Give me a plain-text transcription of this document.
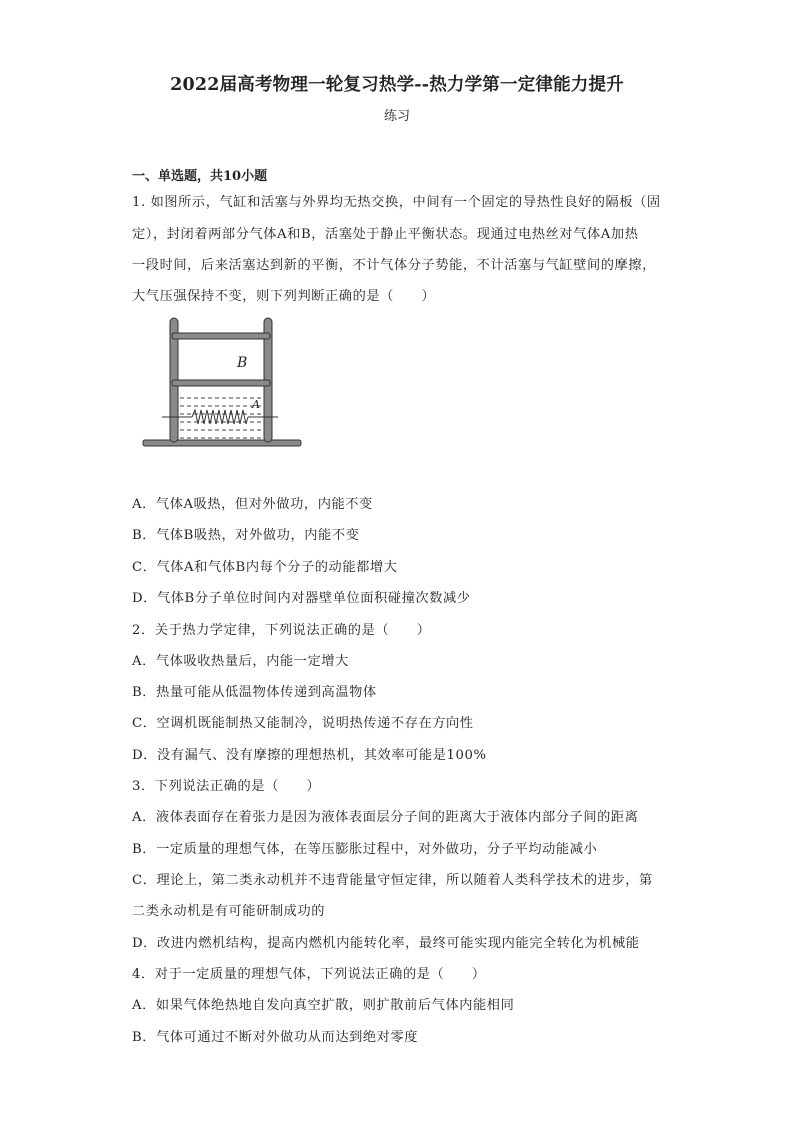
2022届高考物理一轮复习热学--热力学第一定律能力提升
练习
一、单选题，共10小题
1. 如图所示，气缸和活塞与外界均无热交换，中间有一个固定的导热性良好的隔板（固
定），封闭着两部分气体A和B，活塞处于静止平衡状态。现通过电热丝对气体A加热
一段时间，后来活塞达到新的平衡，不计气体分子势能，不计活塞与气缸壁间的摩擦，
大气压强保持不变，则下列判断正确的是（　　）
B
A
A．气体A吸热，但对外做功，内能不变
B．气体B吸热，对外做功，内能不变
C．气体A和气体B内每个分子的动能都增大
D．气体B分子单位时间内对器壁单位面积碰撞次数减少
2．关于热力学定律，下列说法正确的是（　　）
A．气体吸收热量后，内能一定增大
B．热量可能从低温物体传递到高温物体
C．空调机既能制热又能制冷，说明热传递不存在方向性
D．没有漏气、没有摩擦的理想热机，其效率可能是100%
3．下列说法正确的是（　　）
A．液体表面存在着张力是因为液体表面层分子间的距离大于液体内部分子间的距离
B．一定质量的理想气体，在等压膨胀过程中，对外做功，分子平均动能减小
C．理论上，第二类永动机并不违背能量守恒定律，所以随着人类科学技术的进步，第
二类永动机是有可能研制成功的
D．改进内燃机结构，提高内燃机内能转化率，最终可能实现内能完全转化为机械能
4．对于一定质量的理想气体，下列说法正确的是（　　）
A．如果气体绝热地自发向真空扩散，则扩散前后气体内能相同
B．气体可通过不断对外做功从而达到绝对零度
